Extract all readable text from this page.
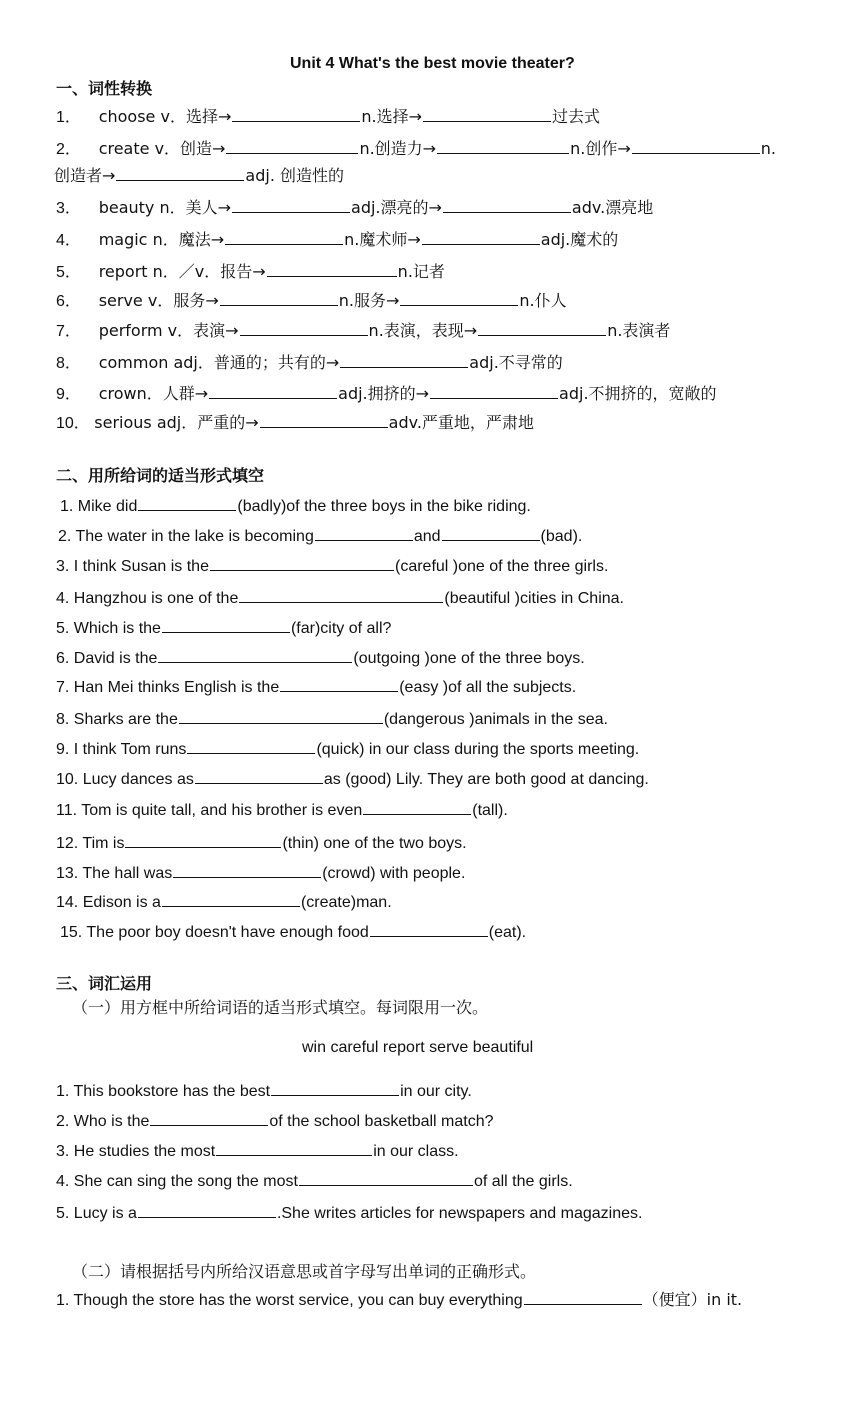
Unit 4 What's the best movie theater?
一、词性转换
1． choose v．选择→	n.选择→	过去式
2． create v．创造→	n.创造力→	n.创作→	n.
创造者→	adj. 创造性的
3． beauty n．美人→	adj.漂亮的→	adv.漂亮地
4． magic n．魔法→	n.魔术师→	adj.魔术的
5． report n．／v．报告→	n.记者
6． serve v．服务→	n.服务→	n.仆人
7． perform v．表演→	n.表演，表现→	n.表演者
8． common adj．普通的；共有的→	adj.不寻常的
9． crown．人群→	adj.拥挤的→	adj.不拥挤的，宽敞的
10． serious adj．严重的→	adv.严重地，严肃地
二、用所给词的适当形式填空
1. Mike did	(badly)of the three boys in the bike riding.
2. The water in the lake is becoming	and	(bad).
3. I think Susan is the	(careful )one of the three girls.
4. Hangzhou is one of the	(beautiful )cities in China.
5. Which is the	(far)city of all?
6. David is the	(outgoing )one of the three boys.
7. Han Mei thinks English is the	(easy )of all the subjects.
8. Sharks are the	(dangerous )animals in the sea.
9. I think Tom runs	(quick) in our class during the sports meeting.
10. Lucy dances as	as (good) Lily. They are both good at dancing.
11. Tom is quite tall, and his brother is even	(tall).
12. Tim is	(thin) one of the two boys.
13. The hall was	(crowd) with people.
14. Edison is a	(create)man.
15. The poor boy doesn't have enough food	(eat).
三、词汇运用
（一）用方框中所给词语的适当形式填空。每词限用一次。
win careful report serve beautiful
1. This bookstore has the best	in our city.
2. Who is the	of the school basketball match?
3. He studies the most	in our class.
4. She can sing the song the most	of all the girls.
5. Lucy is a	.She writes articles for newspapers and magazines.
（二）请根据括号内所给汉语意思或首字母写出单词的正确形式。
1. Though the store has the worst service, you can buy everything	（便宜）in it.
